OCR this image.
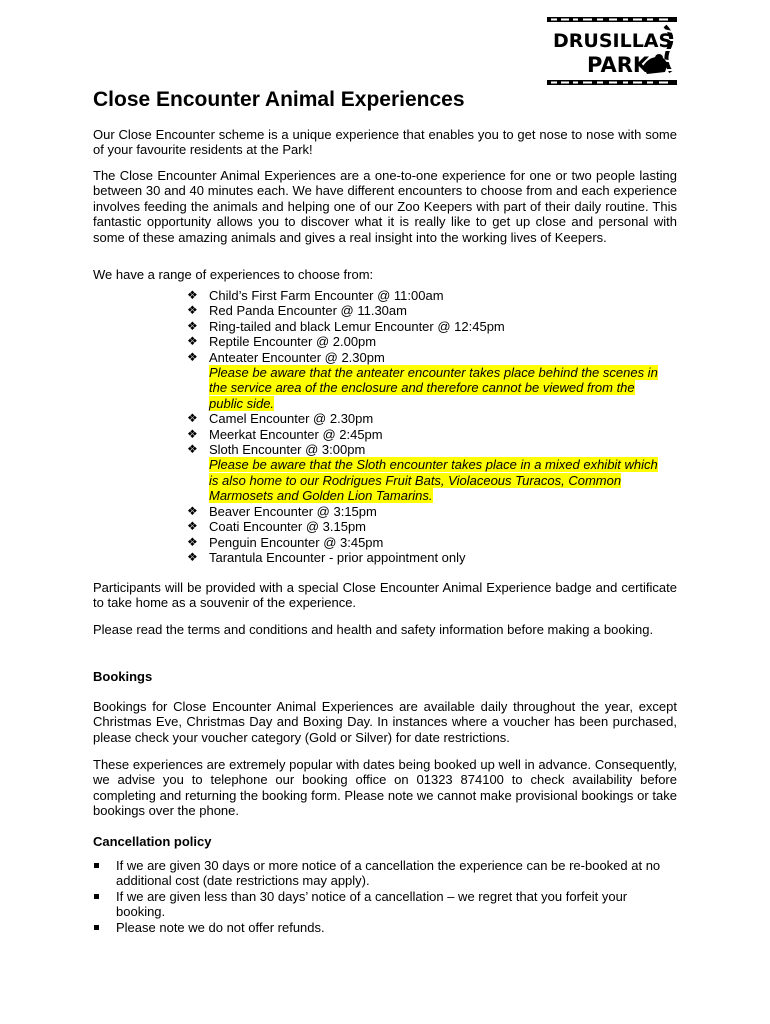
DRUSILLAS
PARK
Close Encounter Animal Experiences

Our Close Encounter scheme is a unique experience that enables you to get nose to nose with some of your favourite residents at the Park!

The Close Encounter Animal Experiences are a one-to-one experience for one or two people lasting between 30 and 40 minutes each. We have different encounters to choose from and each experience involves feeding the animals and helping one of our Zoo Keepers with part of their daily routine. This fantastic opportunity allows you to discover what it is really like to get up close and personal with some of these amazing animals and gives a real insight into the working lives of Keepers.

We have a range of experiences to choose from:

❖ Child’s First Farm Encounter @ 11:00am
❖ Red Panda Encounter @ 11.30am
❖ Ring-tailed and black Lemur Encounter @ 12:45pm
❖ Reptile Encounter @ 2.00pm
❖ Anteater Encounter @ 2.30pm
Please be aware that the anteater encounter takes place behind the scenes in the service area of the enclosure and therefore cannot be viewed from the public side.
❖ Camel Encounter @ 2.30pm
❖ Meerkat Encounter @ 2:45pm
❖ Sloth Encounter @ 3:00pm
Please be aware that the Sloth encounter takes place in a mixed exhibit which is also home to our Rodrigues Fruit Bats, Violaceous Turacos, Common Marmosets and Golden Lion Tamarins.
❖ Beaver Encounter @ 3:15pm
❖ Coati Encounter @ 3.15pm
❖ Penguin Encounter @ 3:45pm
❖ Tarantula Encounter - prior appointment only

Participants will be provided with a special Close Encounter Animal Experience badge and certificate to take home as a souvenir of the experience.

Please read the terms and conditions and health and safety information before making a booking.

Bookings

Bookings for Close Encounter Animal Experiences are available daily throughout the year, except Christmas Eve, Christmas Day and Boxing Day. In instances where a voucher has been purchased, please check your voucher category (Gold or Silver) for date restrictions.

These experiences are extremely popular with dates being booked up well in advance. Consequently, we advise you to telephone our booking office on 01323 874100 to check availability before completing and returning the booking form. Please note we cannot make provisional bookings or take bookings over the phone.

Cancellation policy
If we are given 30 days or more notice of a cancellation the experience can be re-booked at no additional cost (date restrictions may apply).
If we are given less than 30 days’ notice of a cancellation – we regret that you forfeit your booking.
Please note we do not offer refunds.
